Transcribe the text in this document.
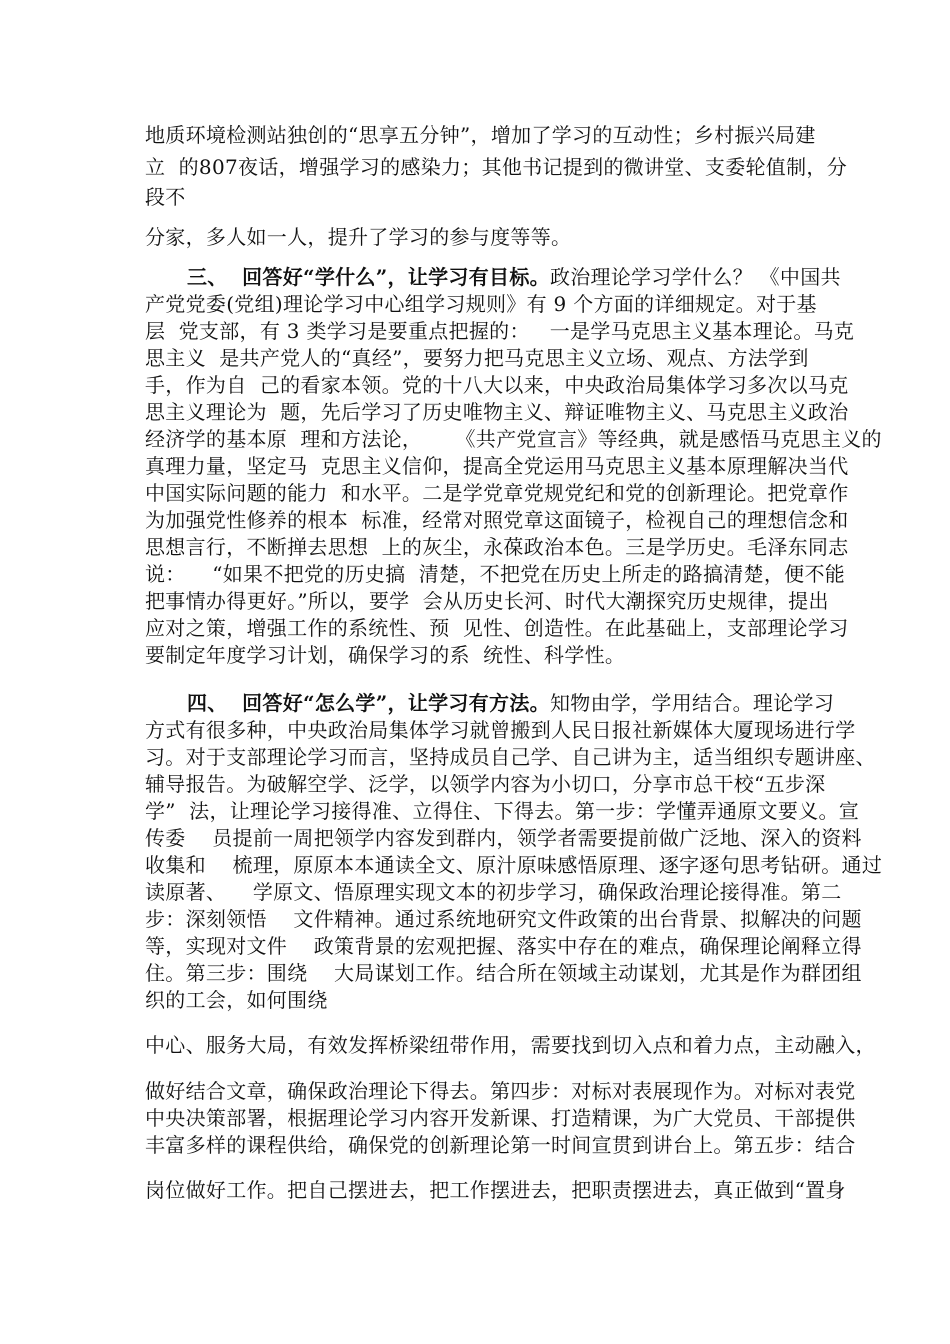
地质环境检测站独创的“思享五分钟”，增加了学习的互动性；乡村振兴局建
立  的807夜话，增强学习的感染力；其他书记提到的微讲堂、支委轮值制，分
段不
分家，多人如一人，提升了学习的参与度等等。
三、  回答好“学什么”，让学习有目标。政治理论学习学什么？ 《中国共
产党党委(党组)理论学习中心组学习规则》有 9 个方面的详细规定。对于基
层  党支部，有 3 类学习是要重点把握的：   一是学马克思主义基本理论。马克
思主义  是共产党人的“真经”，要努力把马克思主义立场、观点、方法学到
手，作为自  己的看家本领。党的十八大以来，中央政治局集体学习多次以马克
思主义理论为  题，先后学习了历史唯物主义、辩证唯物主义、马克思主义政治
经济学的基本原  理和方法论，     《共产党宣言》等经典，就是感悟马克思主义的
真理力量，坚定马  克思主义信仰，提高全党运用马克思主义基本原理解决当代
中国实际问题的能力  和水平。二是学党章党规党纪和党的创新理论。把党章作
为加强党性修养的根本  标准，经常对照党章这面镜子，检视自己的理想信念和
思想言行，不断掸去思想  上的灰尘，永葆政治本色。三是学历史。毛泽东同志
说：    “如果不把党的历史搞  清楚，不把党在历史上所走的路搞清楚，便不能
把事情办得更好。”所以，要学  会从历史长河、时代大潮探究历史规律，提出
应对之策，增强工作的系统性、预  见性、创造性。在此基础上，支部理论学习
要制定年度学习计划，确保学习的系  统性、科学性。
四、  回答好“怎么学”，让学习有方法。知物由学，学用结合。理论学习
方式有很多种，中央政治局集体学习就曾搬到人民日报社新媒体大厦现场进行学
习。对于支部理论学习而言，坚持成员自己学、自己讲为主，适当组织专题讲座、
辅导报告。为破解空学、泛学，以领学内容为小切口，分享市总干校“五步深
学”  法，让理论学习接得准、立得住、下得去。第一步：学懂弄通原文要义。宣
传委    员提前一周把领学内容发到群内，领学者需要提前做广泛地、深入的资料
收集和    梳理，原原本本通读全文、原汁原味感悟原理、逐字逐句思考钻研。通过
读原著、    学原文、悟原理实现文本的初步学习，确保政治理论接得准。第二
步：深刻领悟    文件精神。通过系统地研究文件政策的出台背景、拟解决的问题
等，实现对文件    政策背景的宏观把握、落实中存在的难点，确保理论阐释立得
住。第三步：围绕    大局谋划工作。结合所在领域主动谋划，尤其是作为群团组
织的工会，如何围绕
中心、服务大局，有效发挥桥梁纽带作用，需要找到切入点和着力点，主动融入，
做好结合文章，确保政治理论下得去。第四步：对标对表展现作为。对标对表党
中央决策部署，根据理论学习内容开发新课、打造精课，为广大党员、干部提供
丰富多样的课程供给，确保党的创新理论第一时间宣贯到讲台上。第五步：结合
岗位做好工作。把自己摆进去，把工作摆进去，把职责摆进去，真正做到“置身
